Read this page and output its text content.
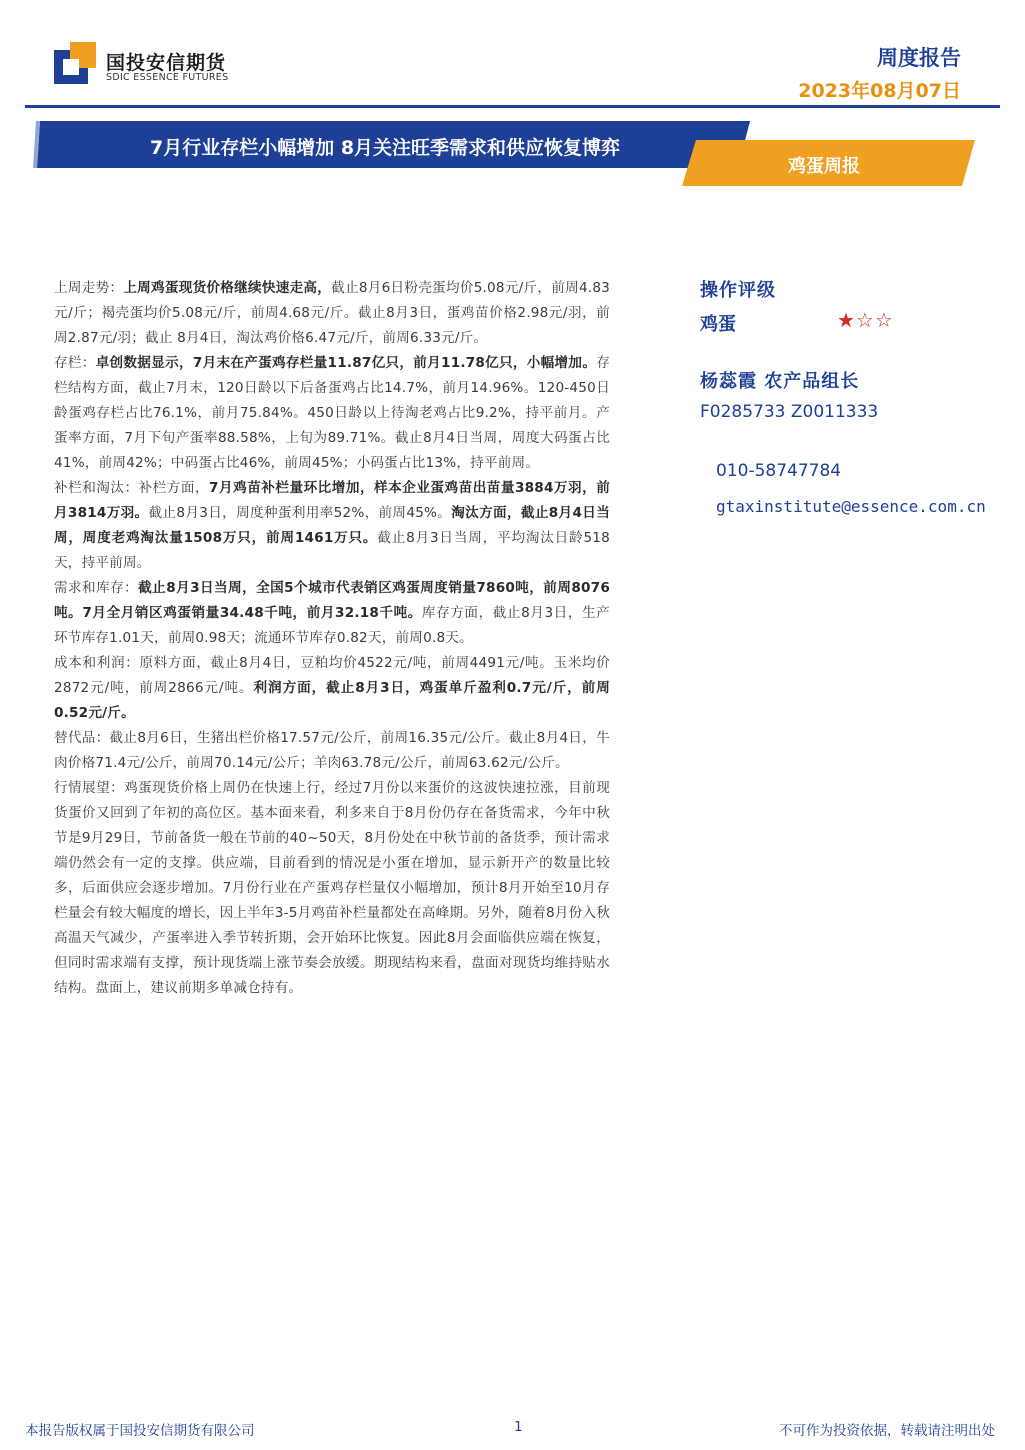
国投安信期货
SDIC ESSENCE FUTURES
周度报告
2023年08月07日
7月行业存栏小幅增加 8月关注旺季需求和供应恢复博弈
鸡蛋周报

上周走势：上周鸡蛋现货价格继续快速走高，截止8月6日粉壳蛋均价5.08元/斤，前周4.83元/斤；褐壳蛋均价5.08元/斤，前周4.68元/斤。截止8月3日，蛋鸡苗价格2.98元/羽，前周2.87元/羽；截止 8月4日，淘汰鸡价格6.47元/斤，前周6.33元/斤。

存栏：卓创数据显示，7月末在产蛋鸡存栏量11.87亿只，前月11.78亿只，小幅增加。存栏结构方面，截止7月末，120日龄以下后备蛋鸡占比14.7%，前月14.96%。120-450日龄蛋鸡存栏占比76.1%，前月75.84%。450日龄以上待淘老鸡占比9.2%，持平前月。产蛋率方面，7月下旬产蛋率88.58%，上旬为89.71%。截止8月4日当周，周度大码蛋占比41%，前周42%；中码蛋占比46%，前周45%；小码蛋占比13%，持平前周。

补栏和淘汰：补栏方面，7月鸡苗补栏量环比增加，样本企业蛋鸡苗出苗量3884万羽，前月3814万羽。截止8月3日，周度种蛋利用率52%，前周45%。淘汰方面，截止8月4日当周，周度老鸡淘汰量1508万只，前周1461万只。截止8月3日当周，平均淘汰日龄518天，持平前周。

需求和库存：截止8月3日当周，全国5个城市代表销区鸡蛋周度销量7860吨，前周8076吨。7月全月销区鸡蛋销量34.48千吨，前月32.18千吨。库存方面，截止8月3日，生产环节库存1.01天，前周0.98天；流通环节库存0.82天，前周0.8天。

成本和利润：原料方面，截止8月4日，豆粕均价4522元/吨，前周4491元/吨。玉米均价2872元/吨，前周2866元/吨。利润方面，截止8月3日，鸡蛋单斤盈利0.7元/斤，前周0.52元/斤。

替代品：截止8月6日，生猪出栏价格17.57元/公斤，前周16.35元/公斤。截止8月4日，牛肉价格71.4元/公斤，前周70.14元/公斤；羊肉63.78元/公斤，前周63.62元/公斤。

行情展望：鸡蛋现货价格上周仍在快速上行，经过7月份以来蛋价的这波快速拉涨，目前现货蛋价又回到了年初的高位区。基本面来看，利多来自于8月份仍存在备货需求，今年中秋节是9月29日，节前备货一般在节前的40~50天，8月份处在中秋节前的备货季，预计需求端仍然会有一定的支撑。供应端，目前看到的情况是小蛋在增加，显示新开产的数量比较多，后面供应会逐步增加。7月份行业在产蛋鸡存栏量仅小幅增加，预计8月开始至10月存栏量会有较大幅度的增长，因上半年3-5月鸡苗补栏量都处在高峰期。另外，随着8月份入秋高温天气减少，产蛋率进入季节转折期，会开始环比恢复。因此8月会面临供应端在恢复，但同时需求端有支撑，预计现货端上涨节奏会放缓。期现结构来看，盘面对现货均维持贴水结构。盘面上，建议前期多单减仓持有。

操作评级
鸡蛋	★☆☆
杨蕊霞 农产品组长
F0285733 Z0011333
010-58747784
gtaxinstitute@essence.com.cn
本报告版权属于国投安信期货有限公司	1	不可作为投资依据，转载请注明出处
